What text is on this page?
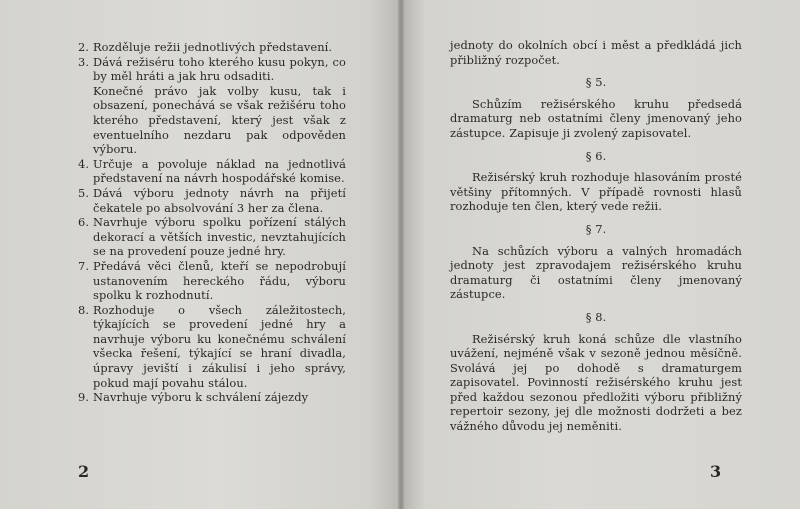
2. Rozděluje režii jednotlivých představení.
3. Dává režiséru toho kterého kusu pokyn, co by měl hráti a jak hru odsaditi.
Konečné právo jak volby kusu, tak i obsazení, ponechává se však režišéru toho kterého představení, který jest však z eventuelního nezdaru pak odpověden výboru.
4. Určuje a povoluje náklad na jednotlivá představení na návrh hospodářské komise.
5. Dává výboru jednoty návrh na přijetí čekatele po absolvování 3 her za člena.
6. Navrhuje výboru spolku pořízení stálých dekorací a větších investic, nevztahujících se na provedení pouze jedné hry.
7. Předává věci členů, kteří se nepodrobují ustanovením hereckého řádu, výboru spolku k rozhodnutí.
8. Rozhoduje o všech záležitostech, týkajících se provedení jedné hry a navrhuje výboru ku konečnému schválení všecka řešení, týkající se hraní divadla, úpravy jeviští i zákulisí i jeho správy, pokud mají povahu stálou.
9. Navrhuje výboru k schválení zájezdy
2

jednoty do okolních obcí i měst a předkládá jich přibližný rozpočet.

§ 5.

Schůzím režisérského kruhu předsedá dramaturg neb ostatními členy jmenovaný jeho zástupce. Zapisuje ji zvolený zapisovatel.

§ 6.

Režisérský kruh rozhoduje hlasováním prosté většiny přítomných. V případě rovnosti hlasů rozhoduje ten člen, který vede režii.

§ 7.

Na schůzích výboru a valných hromadách jednoty jest zpravodajem režisérského kruhu dramaturg či ostatními členy jmenovaný zástupce.

§ 8.

Režisérský kruh koná schůze dle vlastního uvážení, nejméně však v sezoně jednou měsíčně. Svolává jej po dohodě s dramaturgem zapisovatel. Povinností režisérského kruhu jest před každou sezonou předložiti výboru přibližný repertoir sezony, jej dle možnosti dodržeti a bez vážného důvodu jej neměniti.

3
